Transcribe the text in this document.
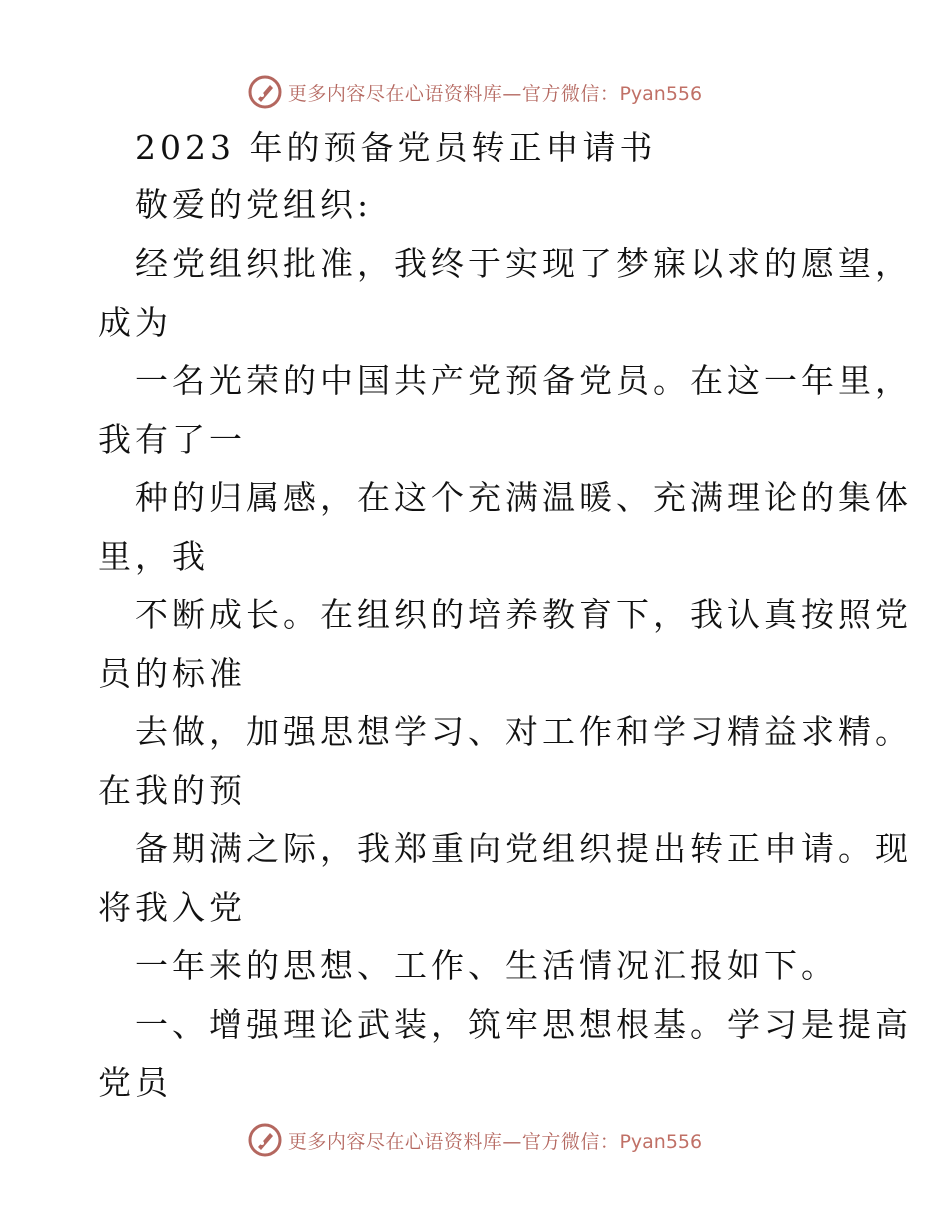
更多内容尽在心语资料库—官方微信：Pyan556
2023 年的预备党员转正申请书
敬爱的党组织:
经党组织批准，我终于实现了梦寐以求的愿望，
成为
一名光荣的中国共产党预备党员。在这一年里，
我有了一
种的归属感，在这个充满温暖、充满理论的集体
里，我
不断成长。在组织的培养教育下，我认真按照党
员的标准
去做，加强思想学习、对工作和学习精益求精。
在我的预
备期满之际，我郑重向党组织提出转正申请。现
将我入党
一年来的思想、工作、生活情况汇报如下。
一、增强理论武装，筑牢思想根基。学习是提高
党员
更多内容尽在心语资料库—官方微信：Pyan556
